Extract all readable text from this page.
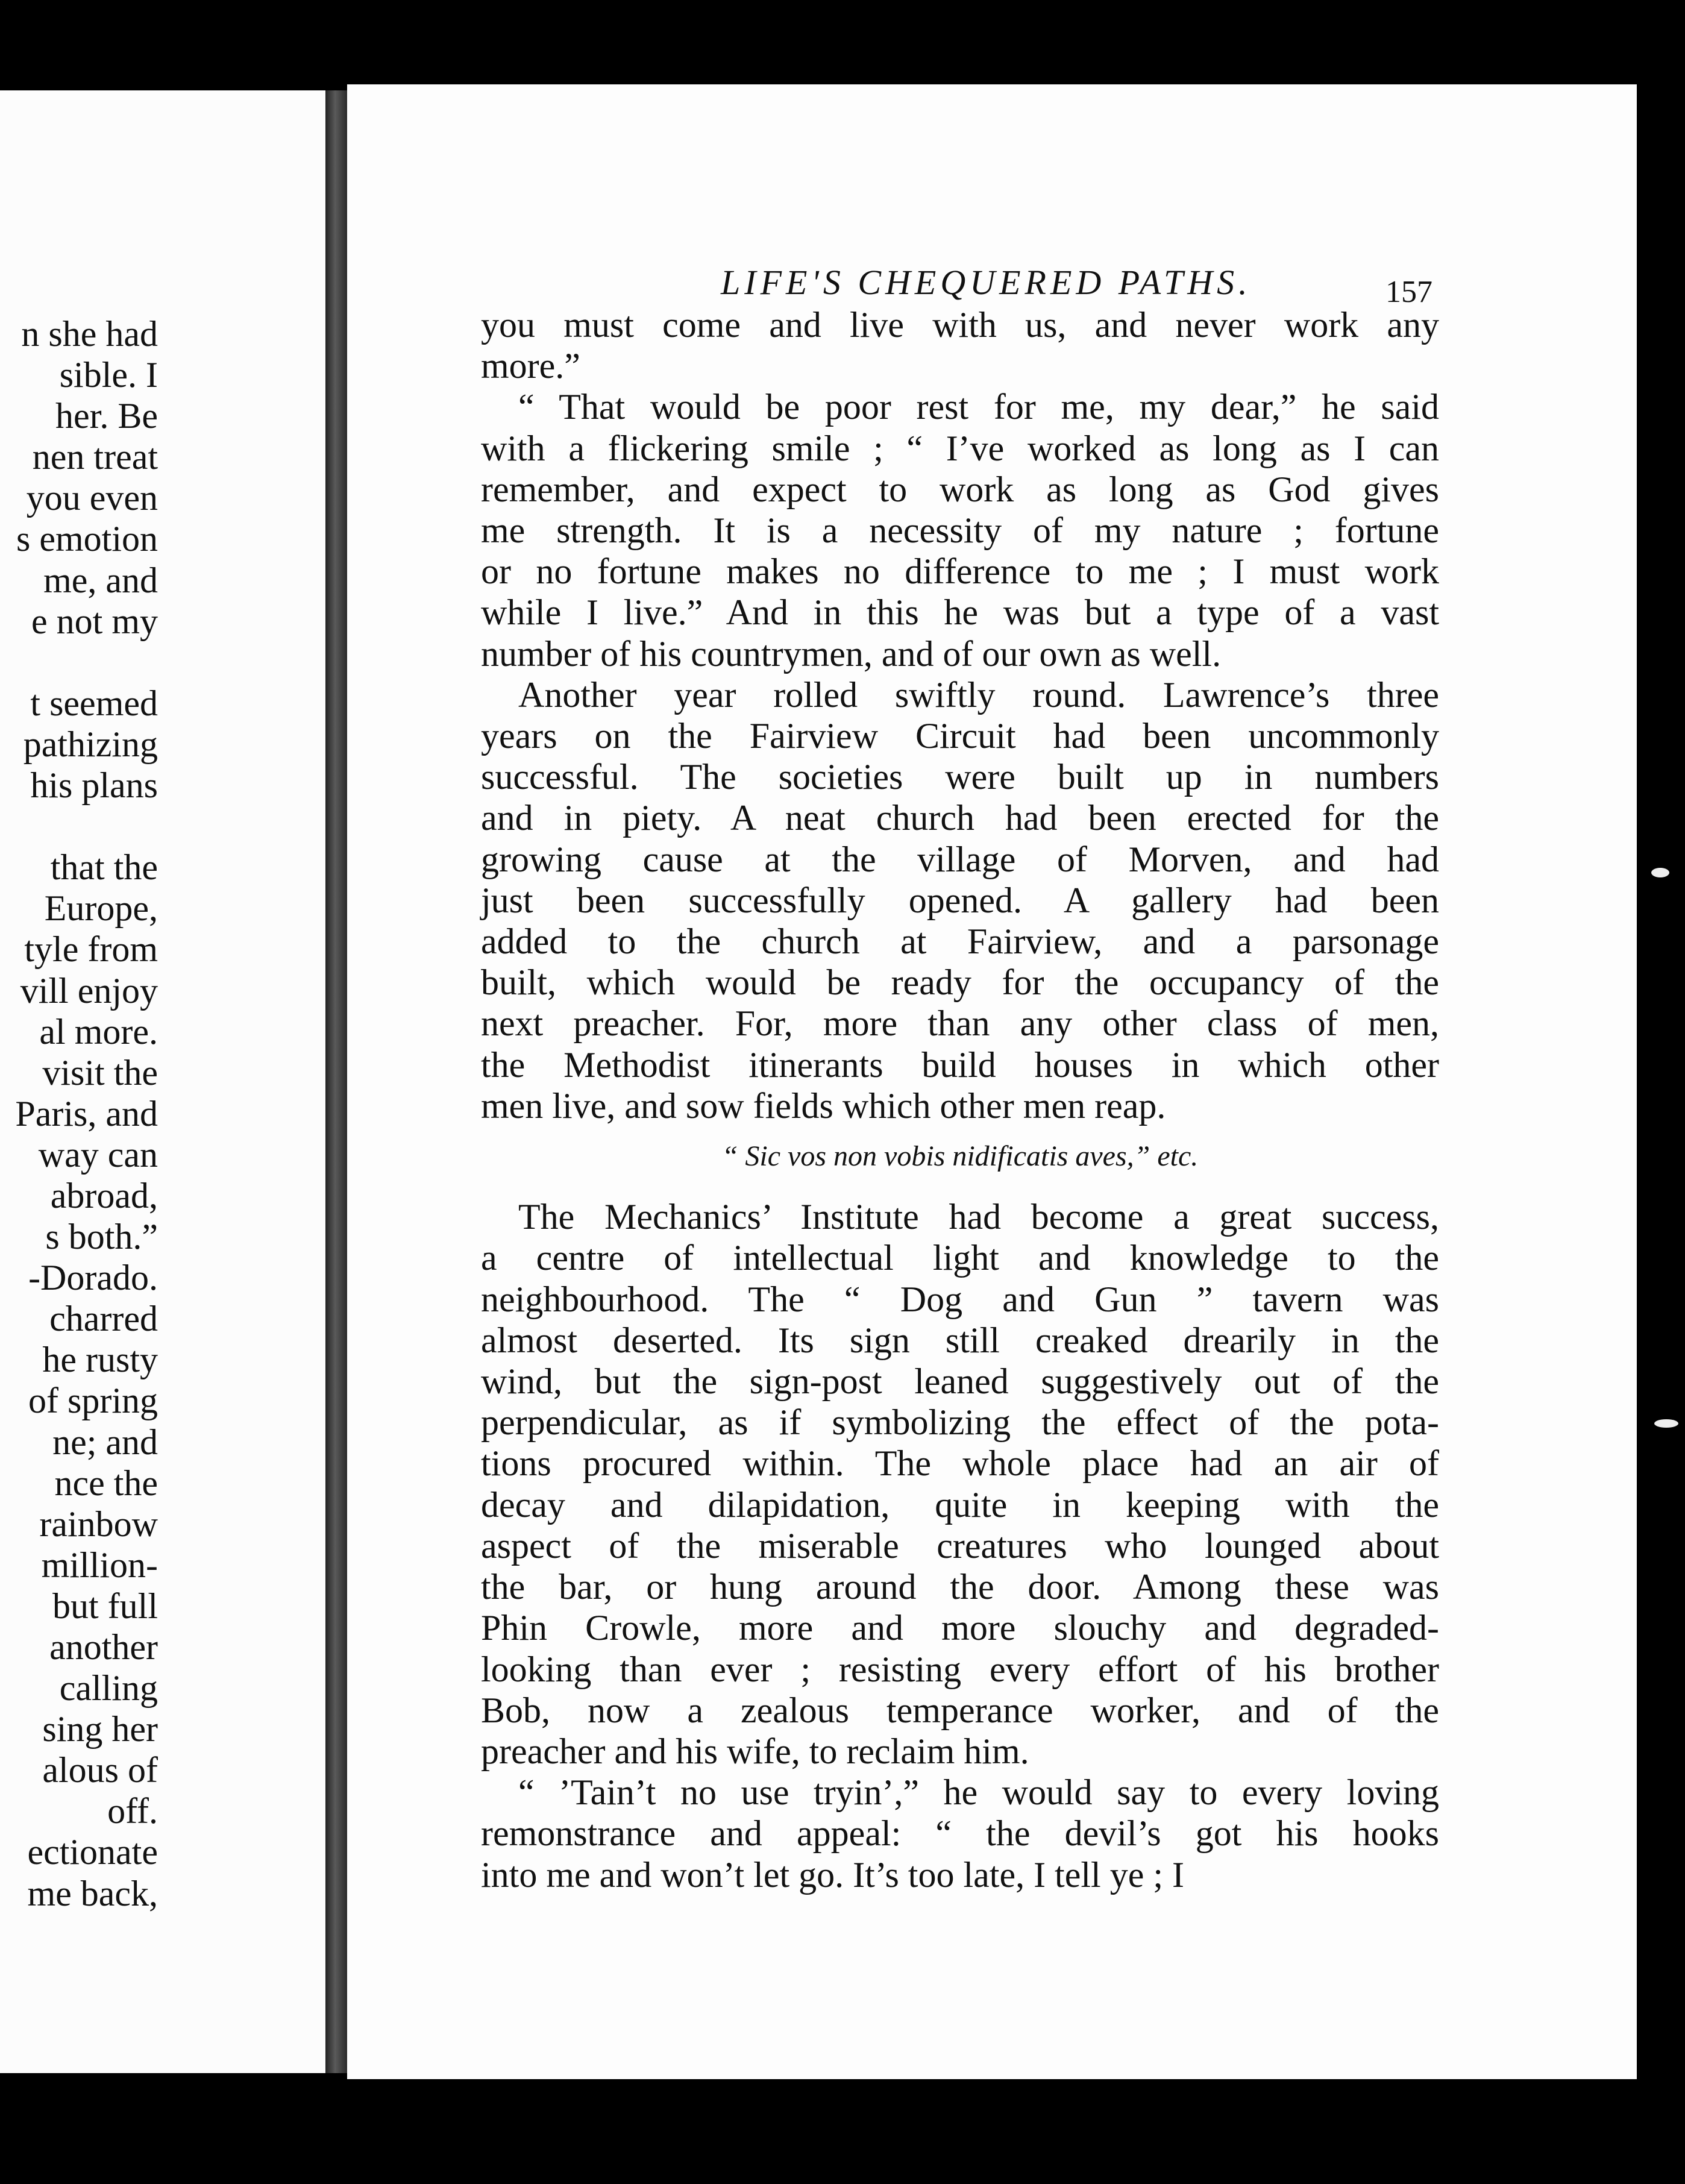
n she had
sible. I
her. Be
nen treat
you even
s emotion
me, and
e not my

t seemed
pathizing
his plans

that the
Europe,
tyle from
vill enjoy
al more.
visit the
Paris, and
way can
abroad,
s both.”
-Dorado.
charred
he rusty
of spring
ne; and
nce the
rainbow
million-
but full
another
calling
sing her
alous of
off.
ectionate
me back,
LIFE'S CHEQUERED PATHS.	157
you must come and live with us, and never work any
more.”
“ That would be poor rest for me, my dear,” he said
with a flickering smile ; “ I’ve worked as long as I can
remember, and expect to work as long as God gives
me strength. It is a necessity of my nature ; fortune
or no fortune makes no difference to me ; I must work
while I live.” And in this he was but a type of a vast
number of his countrymen, and of our own as well.
Another year rolled swiftly round. Lawrence’s three
years on the Fairview Circuit had been uncommonly
successful. The societies were built up in numbers
and in piety. A neat church had been erected for the
growing cause at the village of Morven, and had
just been successfully opened. A gallery had been
added to the church at Fairview, and a parsonage
built, which would be ready for the occupancy of the
next preacher. For, more than any other class of men,
the Methodist itinerants build houses in which other
men live, and sow fields which other men reap.
“ Sic vos non vobis nidificatis aves,” etc.
The Mechanics’ Institute had become a great success,
a centre of intellectual light and knowledge to the
neighbourhood. The “ Dog and Gun ” tavern was
almost deserted. Its sign still creaked drearily in the
wind, but the sign-post leaned suggestively out of the
perpendicular, as if symbolizing the effect of the pota-
tions procured within. The whole place had an air of
decay and dilapidation, quite in keeping with the
aspect of the miserable creatures who lounged about
the bar, or hung around the door. Among these was
Phin Crowle, more and more slouchy and degraded-
looking than ever ; resisting every effort of his brother
Bob, now a zealous temperance worker, and of the
preacher and his wife, to reclaim him.
“ ’Tain’t no use tryin’,” he would say to every loving
remonstrance and appeal: “ the devil’s got his hooks
into me and won’t let go. It’s too late, I tell ye ; I
